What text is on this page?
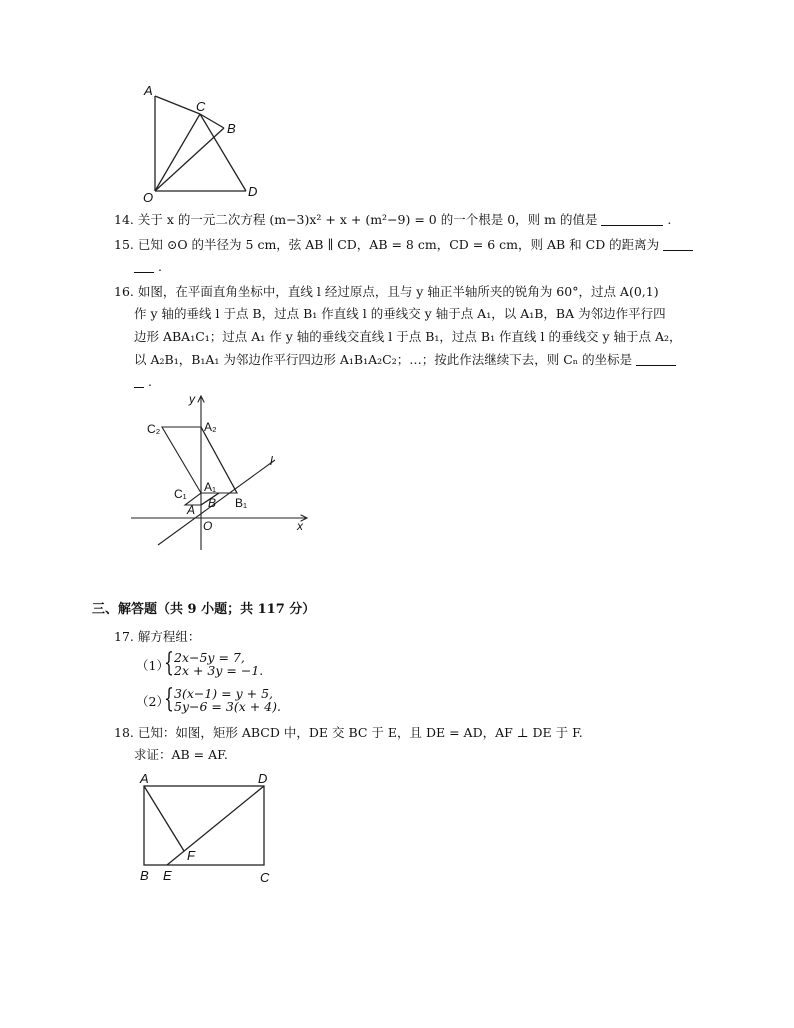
A
C
B
O	D
14. 关于 x 的一元二次方程 (m−3)x² + x + (m²−9) = 0 的一个根是 0，则 m 的值是	.
15. 已知 ⊙O 的半径为 5 cm，弦 AB ∥ CD，AB = 8 cm，CD = 6 cm，则 AB 和 CD 的距离为
.
16. 如图，在平面直角坐标中，直线 l 经过原点，且与 y 轴正半轴所夹的锐角为 60°，过点 A(0,1)
作 y 轴的垂线 l 于点 B，过点 B₁ 作直线 l 的垂线交 y 轴于点 A₁，以 A₁B，BA 为邻边作平行四
边形 ABA₁C₁；过点 A₁ 作 y 轴的垂线交直线 l 于点 B₁，过点 B₁ 作直线 l 的垂线交 y 轴于点 A₂，
以 A₂B₁，B₁A₁ 为邻边作平行四边形 A₁B₁A₂C₂；…；按此作法继续下去，则 Cₙ 的坐标是
.
y
x
l
C₂	A₂
A₁
C₁
B B₁
A
O
三、解答题（共 9 小题；共 117 分）
17. 解方程组：
（1）
{ 2x−5y = 7,
2x + 3y = −1.
（2）
{ 3(x−1) = y + 5,
5y−6 = 3(x + 4).
18. 已知：如图，矩形 ABCD 中，DE 交 BC 于 E，且 DE = AD，AF ⊥ DE 于 F.
求证：AB = AF.
A	D
F
B E	C
